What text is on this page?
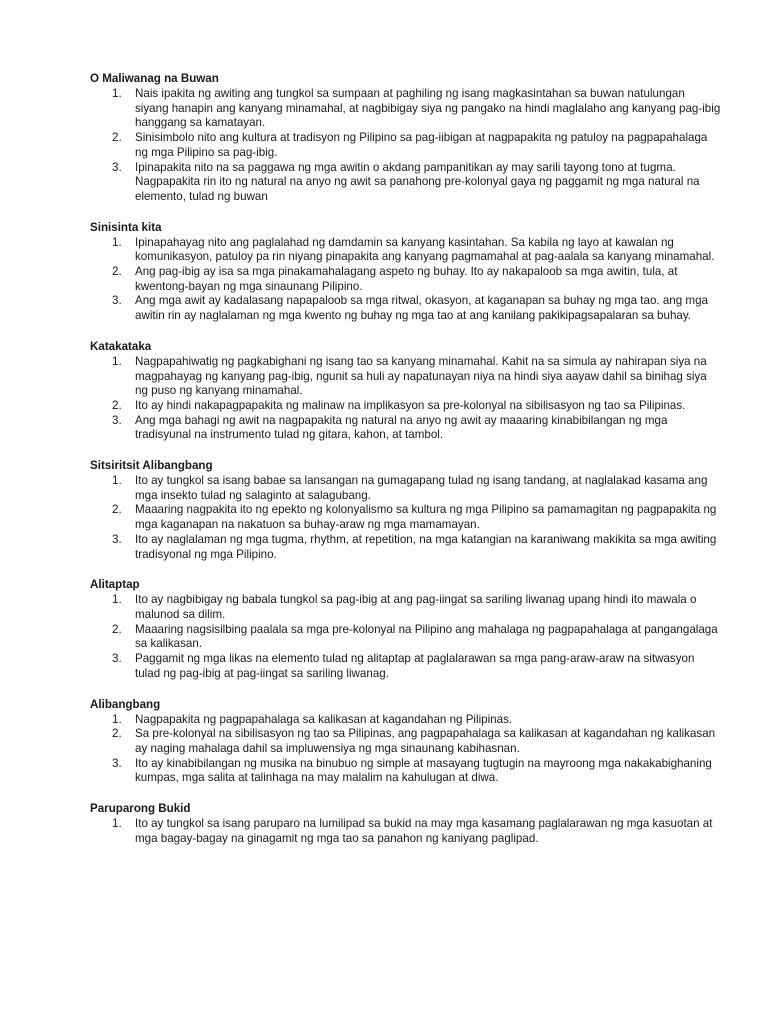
O Maliwanag na Buwan
1.	Nais ipakita ng awiting ang tungkol sa sumpaan at paghiling ng isang magkasintahan sa buwan natulungan siyang hanapin ang kanyang minamahal, at nagbibigay siya ng pangako na hindi maglalaho ang kanyang pag-ibig hanggang sa kamatayan.
2.	Sinisimbolo nito ang kultura at tradisyon ng Pilipino sa pag-iibigan at nagpapakita ng patuloy na pagpapahalaga ng mga Pilipino sa pag-ibig.
3.	Ipinapakita nito na sa paggawa ng mga awitin o akdang pampanitikan ay may sarili tayong tono at tugma. Nagpapakita rin ito ng natural na anyo ng awit sa panahong pre-kolonyal gaya ng paggamit ng mga natural na elemento, tulad ng buwan
Sinisinta kita
1.	Ipinapahayag nito ang paglalahad ng damdamin sa kanyang kasintahan. Sa kabila ng layo at kawalan ng komunikasyon, patuloy pa rin niyang pinapakita ang kanyang pagmamahal at pag-aalala sa kanyang minamahal.
2.	Ang pag-ibig ay isa sa mga pinakamahalagang aspeto ng buhay. Ito ay nakapaloob sa mga awitin, tula, at kwentong-bayan ng mga sinaunang Pilipino.
3.	Ang mga awit ay kadalasang napapaloob sa mga ritwal, okasyon, at kaganapan sa buhay ng mga tao. ang mga awitin rin ay naglalaman ng mga kwento ng buhay ng mga tao at ang kanilang pakikipagsapalaran sa buhay.
Katakataka
1.	Nagpapahiwatig ng pagkabighani ng isang tao sa kanyang minamahal. Kahit na sa simula ay nahirapan siya na magpahayag ng kanyang pag-ibig, ngunit sa huli ay napatunayan niya na hindi siya aayaw dahil sa binihag siya ng puso ng kanyang minamahal.
2.	Ito ay hindi nakapagpapakita ng malinaw na implikasyon sa pre-kolonyal na sibilisasyon ng tao sa Pilipinas.
3.	Ang mga bahagi ng awit na nagpapakita ng natural na anyo ng awit ay maaaring kinabibilangan ng mga tradisyunal na instrumento tulad ng gitara, kahon, at tambol.
Sitsiritsit Alibangbang
1.	Ito ay tungkol sa isang babae sa lansangan na gumagapang tulad ng isang tandang, at naglalakad kasama ang mga insekto tulad ng salaginto at salagubang.
2.	Maaaring nagpakita ito ng epekto ng kolonyalismo sa kultura ng mga Pilipino sa pamamagitan ng pagpapakita ng mga kaganapan na nakatuon sa buhay-araw ng mga mamamayan.
3.	Ito ay naglalaman ng mga tugma, rhythm, at repetition, na mga katangian na karaniwang makikita sa mga awiting tradisyonal ng mga Pilipino.
Alitaptap
1.	Ito ay nagbibigay ng babala tungkol sa pag-ibig at ang pag-iingat sa sariling liwanag upang hindi ito mawala o malunod sa dilim.
2.	Maaaring nagsisilbing paalala sa mga pre-kolonyal na Pilipino ang mahalaga ng pagpapahalaga at pangangalaga sa kalikasan.
3.	Paggamit ng mga likas na elemento tulad ng alitaptap at paglalarawan sa mga pang-araw-araw na sitwasyon tulad ng pag-ibig at pag-iingat sa sariling liwanag.
Alibangbang
1.	Nagpapakita ng pagpapahalaga sa kalikasan at kagandahan ng Pilipinas.
2.	Sa pre-kolonyal na sibilisasyon ng tao sa Pilipinas, ang pagpapahalaga sa kalikasan at kagandahan ng kalikasan ay naging mahalaga dahil sa impluwensiya ng mga sinaunang kabihasnan.
3.	Ito ay kinabibilangan ng musika na binubuo ng simple at masayang tugtugin na mayroong mga nakakabighaning kumpas, mga salita at talinhaga na may malalim na kahulugan at diwa.
Paruparong Bukid
1.	Ito ay tungkol sa isang paruparo na lumilipad sa bukid na may mga kasamang paglalarawan ng mga kasuotan at mga bagay-bagay na ginagamit ng mga tao sa panahon ng kaniyang paglipad.
